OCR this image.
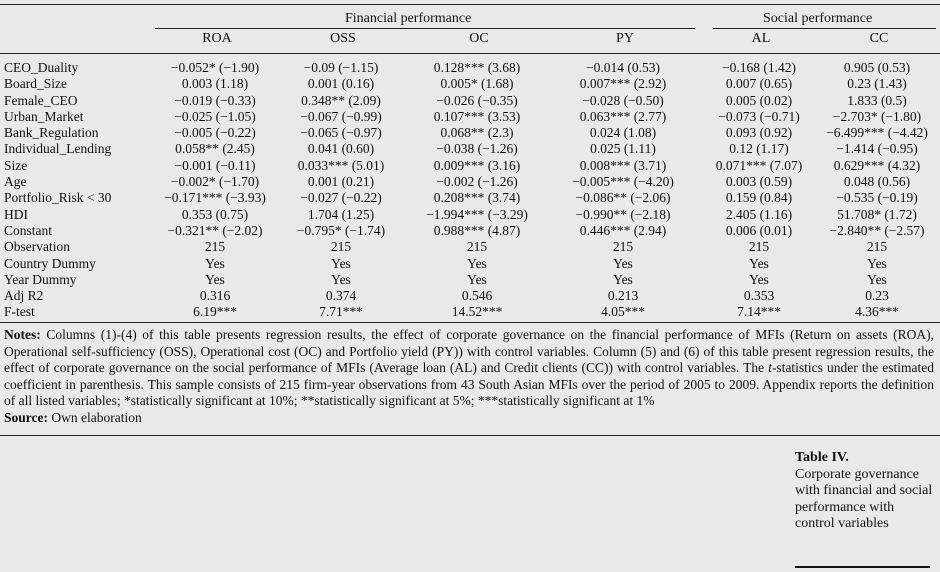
Financial performance	Social performance
ROA	OSS	OC	PY	AL	CC
CEO_Duality	−0.052* (−1.90)	−0.09 (−1.15)	0.128*** (3.68)	−0.014 (0.53)	−0.168 (1.42)	0.905 (0.53)
Board_Size	0.003 (1.18)	0.001 (0.16)	0.005* (1.68)	0.007*** (2.92)	0.007 (0.65)	0.23 (1.43)
Female_CEO	−0.019 (−0.33)	0.348** (2.09)	−0.026 (−0.35)	−0.028 (−0.50)	0.005 (0.02)	1.833 (0.5)
Urban_Market	−0.025 (−1.05)	−0.067 (−0.99)	0.107*** (3.53)	0.063*** (2.77)	−0.073 (−0.71)	−2.703* (−1.80)
Bank_Regulation	−0.005 (−0.22)	−0.065 (−0.97)	0.068** (2.3)	0.024 (1.08)	0.093 (0.92)	−6.499*** (−4.42)
Individual_Lending	0.058** (2.45)	0.041 (0.60)	−0.038 (−1.26)	0.025 (1.11)	0.12 (1.17)	−1.414 (−0.95)
Size	−0.001 (−0.11)	0.033*** (5.01)	0.009*** (3.16)	0.008*** (3.71)	0.071*** (7.07)	0.629*** (4.32)
Age	−0.002* (−1.70)	0.001 (0.21)	−0.002 (−1.26)	−0.005*** (−4.20)	0.003 (0.59)	0.048 (0.56)
Portfolio_Risk < 30	−0.171*** (−3.93)	−0.027 (−0.22)	0.208*** (3.74)	−0.086** (−2.06)	0.159 (0.84)	−0.535 (−0.19)
HDI	0.353 (0.75)	1.704 (1.25)	−1.994*** (−3.29)	−0.990** (−2.18)	2.405 (1.16)	51.708* (1.72)
Constant	−0.321** (−2.02)	−0.795* (−1.74)	0.988*** (4.87)	0.446*** (2.94)	0.006 (0.01)	−2.840** (−2.57)
Observation	215	215	215	215	215	215
Country Dummy	Yes	Yes	Yes	Yes	Yes	Yes
Year Dummy	Yes	Yes	Yes	Yes	Yes	Yes
Adj R2	0.316	0.374	0.546	0.213	0.353	0.23
F-test	6.19***	7.71***	14.52***	4.05***	7.14***	4.36***
Notes: Columns (1)-(4) of this table presents regression results, the effect of corporate governance on the financial performance of MFIs (Return on assets (ROA), Operational self-sufficiency (OSS), Operational cost (OC) and Portfolio yield (PY)) with control variables. Column (5) and (6) of this table present regression results, the effect of corporate governance on the social performance of MFIs (Average loan (AL) and Credit clients (CC)) with control variables. The t-statistics under the estimated coefficient in parenthesis. This sample consists of 215 firm-year observations from 43 South Asian MFIs over the period of 2005 to 2009. Appendix reports the definition of all listed variables; *statistically significant at 10%; **statistically significant at 5%; ***statistically significant at 1%
Source: Own elaboration
Table IV.
Corporate governance with financial and social performance with control variables
